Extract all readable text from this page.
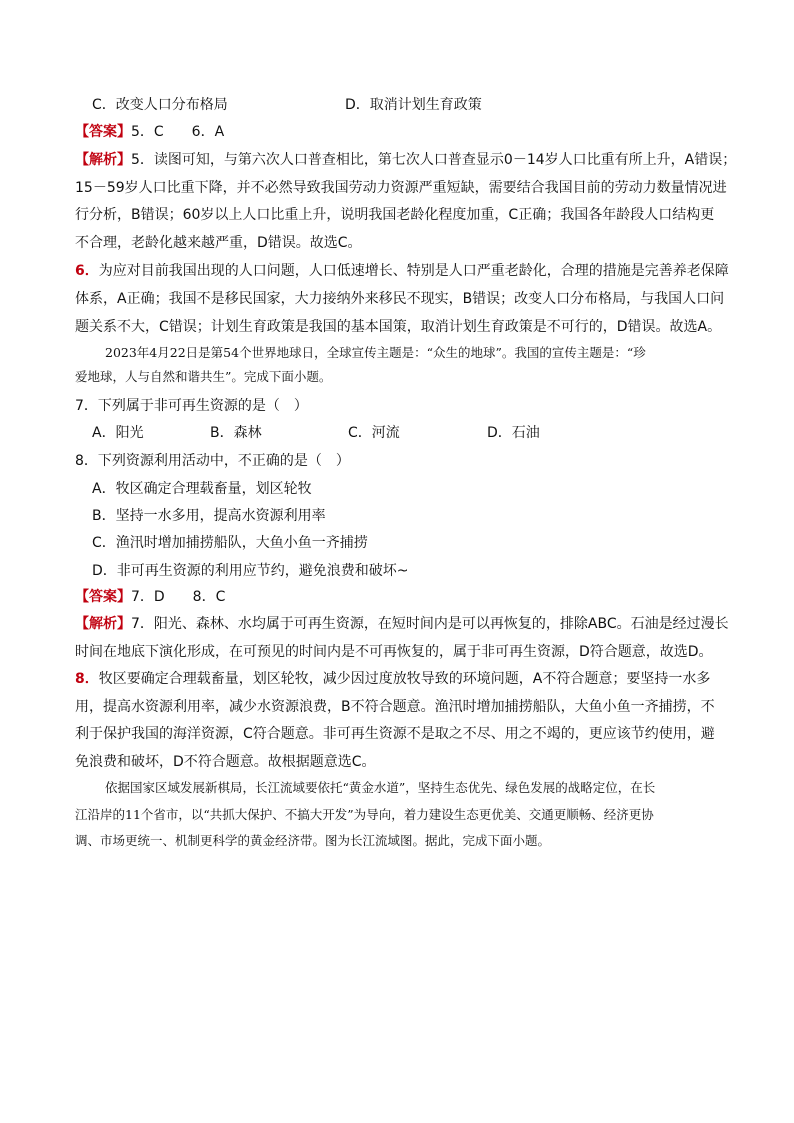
C．改变人口分布格局	D．取消计划生育政策
【答案】5．C　　6．A
【解析】5．读图可知，与第六次人口普查相比，第七次人口普查显示0－14岁人口比重有所上升，A错误；
15－59岁人口比重下降，并不必然导致我国劳动力资源严重短缺，需要结合我国目前的劳动力数量情况进
行分析，B错误；60岁以上人口比重上升，说明我国老龄化程度加重，C正确；我国各年龄段人口结构更
不合理，老龄化越来越严重，D错误。故选C。
6．为应对目前我国出现的人口问题，人口低速增长、特别是人口严重老龄化，合理的措施是完善养老保障
体系，A正确；我国不是移民国家，大力接纳外来移民不现实，B错误；改变人口分布格局，与我国人口问
题关系不大，C错误；计划生育政策是我国的基本国策，取消计划生育政策是不可行的，D错误。故选A。
2023年4月22日是第54个世界地球日，全球宣传主题是：“众生的地球”。我国的宣传主题是：“珍
爱地球，人与自然和谐共生”。完成下面小题。
7．下列属于非可再生资源的是（　）
A．阳光	B．森林	C．河流	D．石油
8．下列资源利用活动中，不正确的是（　）
A．牧区确定合理载畜量，划区轮牧
B．坚持一水多用，提高水资源利用率
C．渔汛时增加捕捞船队，大鱼小鱼一齐捕捞
D．非可再生资源的利用应节约，避免浪费和破坏~
【答案】7．D　　8．C
【解析】7．阳光、森林、水均属于可再生资源，在短时间内是可以再恢复的，排除ABC。石油是经过漫长
时间在地底下演化形成，在可预见的时间内是不可再恢复的，属于非可再生资源，D符合题意，故选D。
8．牧区要确定合理载畜量，划区轮牧，减少因过度放牧导致的环境问题，A不符合题意；要坚持一水多
用，提高水资源利用率，减少水资源浪费，B不符合题意。渔汛时增加捕捞船队，大鱼小鱼一齐捕捞，不
利于保护我国的海洋资源，C符合题意。非可再生资源不是取之不尽、用之不竭的，更应该节约使用，避
免浪费和破坏，D不符合题意。故根据题意选C。
依据国家区域发展新棋局，长江流域要依托“黄金水道”，坚持生态优先、绿色发展的战略定位，在长
江沿岸的11个省市，以“共抓大保护、不搞大开发”为导向，着力建设生态更优美、交通更顺畅、经济更协
调、市场更统一、机制更科学的黄金经济带。图为长江流域图。据此，完成下面小题。
